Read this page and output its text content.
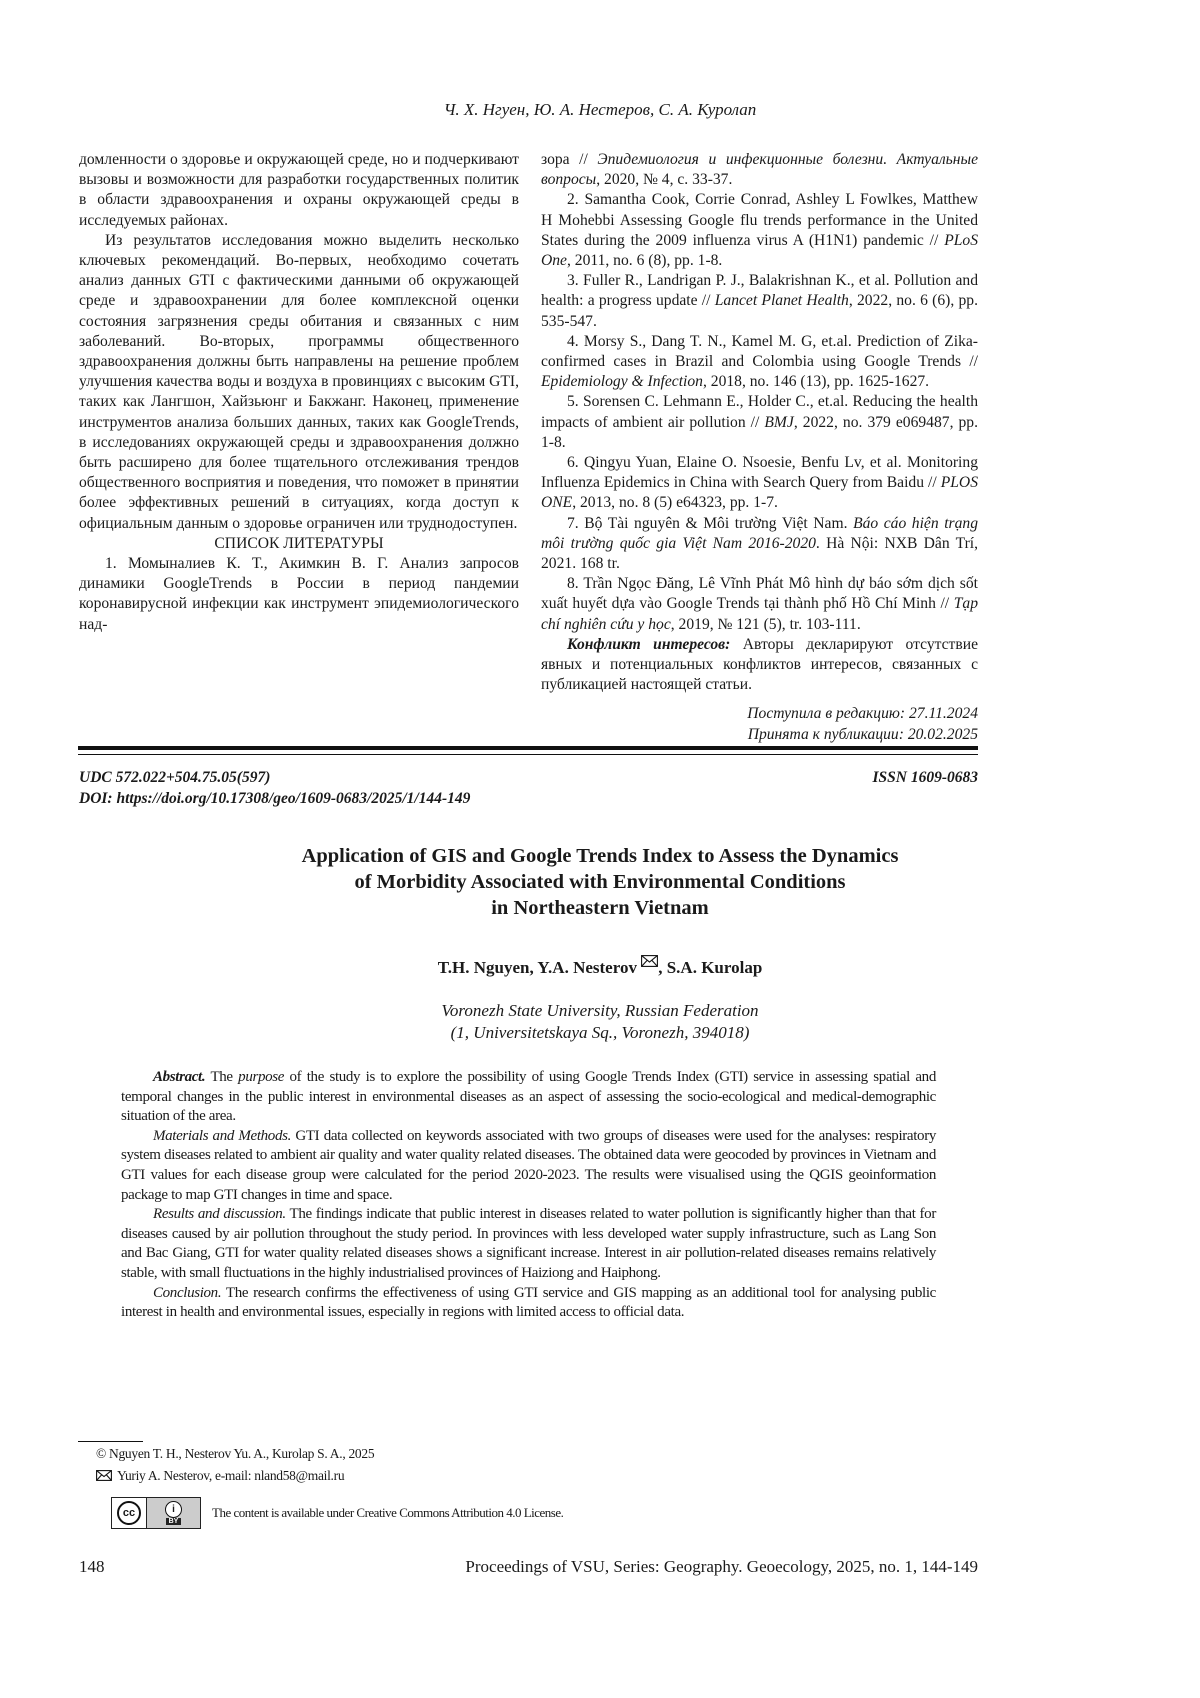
Ч. Х. Нгуен, Ю. А. Нестеров, С. А. Куролап

домленности о здоровье и окружающей среде, но и подчеркивают вызовы и возможности для разработки государственных политик в области здравоохранения и охраны окружающей среды в исследуемых районах.

Из результатов исследования можно выделить несколько ключевых рекомендаций. Во-первых, необходимо сочетать анализ данных GTI с фактическими данными об окружающей среде и здравоохранении для более комплексной оценки состояния загрязнения среды обитания и связанных с ним заболеваний. Во-вторых, программы общественного здравоохранения должны быть направлены на решение проблем улучшения качества воды и воздуха в провинциях с высоким GTI, таких как Лангшон, Хайзьюнг и Бакжанг. Наконец, применение инструментов анализа больших данных, таких как GoogleTrends, в исследованиях окружающей среды и здравоохранения должно быть расширено для более тщательного отслеживания трендов общественного восприятия и поведения, что поможет в принятии более эффективных решений в ситуациях, когда доступ к официальным данным о здоровье ограничен или труднодоступен.

СПИСОК ЛИТЕРАТУРЫ

1. Момыналиев К. Т., Акимкин В. Г. Анализ запросов динамики GoogleTrends в России в период пандемии коронавирусной инфекции как инструмент эпидемиологического над-

зора // Эпидемиология и инфекционные болезни. Актуальные вопросы, 2020, № 4, с. 33-37.

2. Samantha Cook, Corrie Conrad, Ashley L Fowlkes, Matthew H Mohebbi Assessing Google flu trends performance in the United States during the 2009 influenza virus A (H1N1) pandemic // PLoS One, 2011, no. 6 (8), pp. 1-8.

3. Fuller R., Landrigan P. J., Balakrishnan K., et al. Pollution and health: a progress update // Lancet Planet Health, 2022, no. 6 (6), pp. 535-547.

4. Morsy S., Dang T. N., Kamel M. G, et.al. Prediction of Zika-confirmed cases in Brazil and Colombia using Google Trends // Epidemiology & Infection, 2018, no. 146 (13), pp. 1625-1627.

5. Sorensen C. Lehmann E., Holder C., et.al. Reducing the health impacts of ambient air pollution // BMJ, 2022, no. 379 e069487, pp. 1-8.

6. Qingyu Yuan, Elaine O. Nsoesie, Benfu Lv, et al. Monitoring Influenza Epidemics in China with Search Query from Baidu // PLOS ONE, 2013, no. 8 (5) e64323, pp. 1-7.

7. Bộ Tài nguyên & Môi trường Việt Nam. Báo cáo hiện trạng môi trường quốc gia Việt Nam 2016-2020. Hà Nội: NXB Dân Trí, 2021. 168 tr.

8. Trần Ngọc Đăng, Lê Vĩnh Phát Mô hình dự báo sớm dịch sốt xuất huyết dựa vào Google Trends tại thành phố Hồ Chí Minh // Tạp chí nghiên cứu y học, 2019, № 121 (5), tr. 103-111.

Конфликт интересов: Авторы декларируют отсутствие явных и потенциальных конфликтов интересов, связанных с публикацией настоящей статьи.

Поступила в редакцию: 27.11.2024

Принята к публикации: 20.02.2025

UDC 572.022+504.75.05(597)
DOI: https://doi.org/10.17308/geo/1609-0683/2025/1/144-149
ISSN 1609-0683
Application of GIS and Google Trends Index to Assess the Dynamics
of Morbidity Associated with Environmental Conditions
in Northeastern Vietnam
T.H. Nguyen, Y.A. Nesterov , S.A. Kurolap
Voronezh State University, Russian Federation
(1, Universitetskaya Sq., Voronezh, 394018)

Abstract. The purpose of the study is to explore the possibility of using Google Trends Index (GTI) service in assessing spatial and temporal changes in the public interest in environmental diseases as an aspect of assessing the socio-ecological and medical-demographic situation of the area.

Materials and Methods. GTI data collected on keywords associated with two groups of diseases were used for the analyses: respiratory system diseases related to ambient air quality and water quality related diseases. The obtained data were geocoded by provinces in Vietnam and GTI values for each disease group were calculated for the period 2020-2023. The results were visualised using the QGIS geoinformation package to map GTI changes in time and space.

Results and discussion. The findings indicate that public interest in diseases related to water pollution is significantly higher than that for diseases caused by air pollution throughout the study period. In provinces with less developed water supply infrastructure, such as Lang Son and Bac Giang, GTI for water quality related diseases shows a significant increase. Interest in air pollution-related diseases remains relatively stable, with small fluctuations in the highly industrialised provinces of Haiziong and Haiphong.

Conclusion. The research confirms the effectiveness of using GTI service and GIS mapping as an additional tool for analysing public interest in health and environmental issues, especially in regions with limited access to official data.

© Nguyen T. H., Nesterov Yu. A., Kurolap S. A., 2025
Yuriy A. Nesterov, e-mail: nland58@mail.ru
cc	i
BY
The content is available under Creative Commons Attribution 4.0 License.
148	Proceedings of VSU, Series: Geography. Geoecology, 2025, no. 1, 144-149
